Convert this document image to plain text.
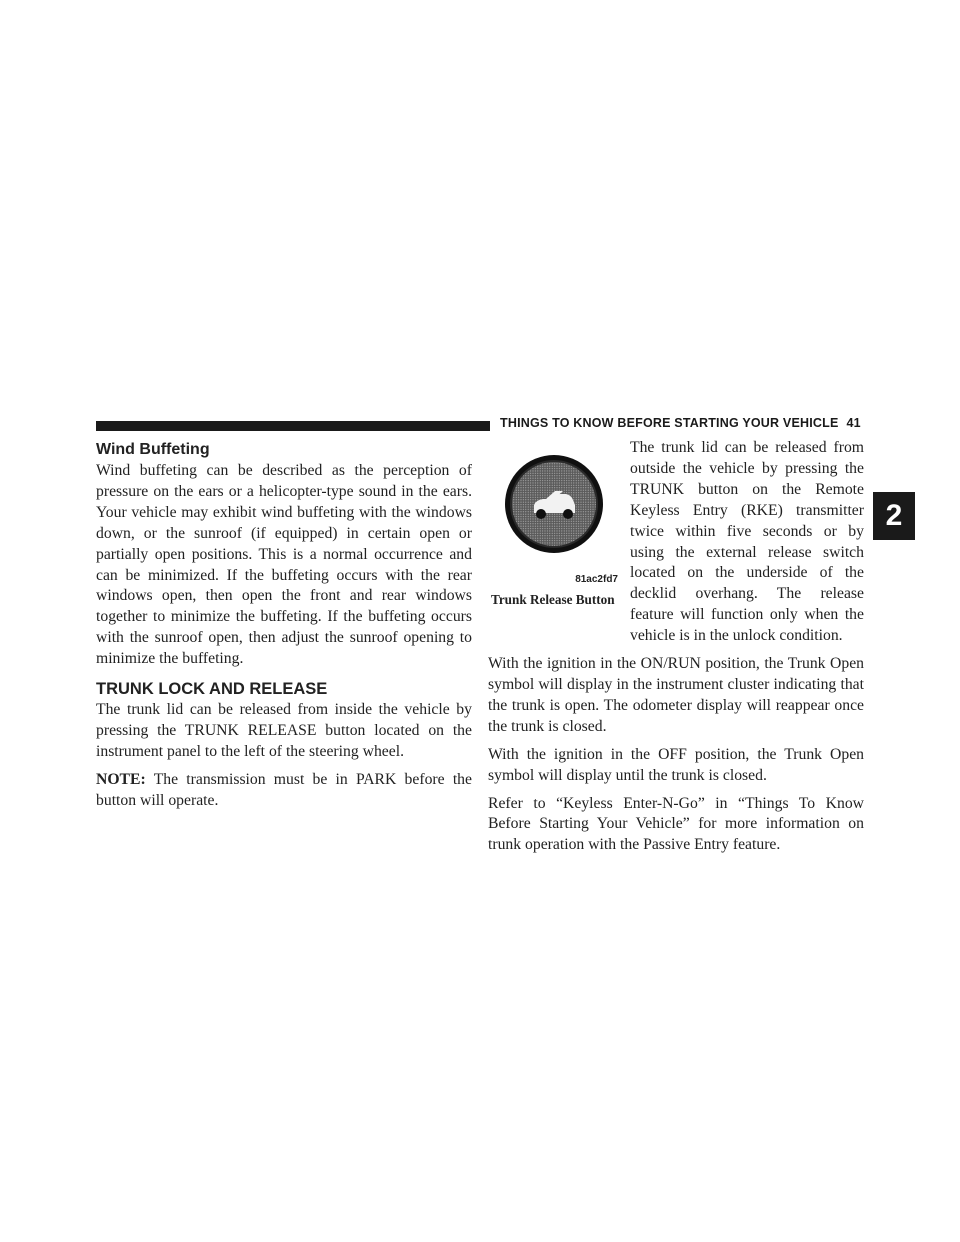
THINGS TO KNOW BEFORE STARTING YOUR VEHICLE 41
2
Wind Buffeting

Wind buffeting can be described as the perception of pressure on the ears or a helicopter-type sound in the ears. Your vehicle may exhibit wind buffeting with the windows down, or the sunroof (if equipped) in certain open or partially open positions. This is a normal occurrence and can be minimized. If the buffeting occurs with the rear windows open, then open the front and rear windows together to minimize the buffeting. If the buffeting occurs with the sunroof open, then adjust the sunroof opening to minimize the buffeting.

TRUNK LOCK AND RELEASE

The trunk lid can be released from inside the vehicle by pressing the TRUNK RELEASE button located on the instrument panel to the left of the steering wheel.

NOTE: The transmission must be in PARK before the button will operate.

81ac2fd7
Trunk Release Button

The trunk lid can be released from outside the vehicle by pressing the TRUNK button on the Remote Keyless Entry (RKE) transmitter twice within five seconds or by using the external release switch located on the underside of the decklid overhang. The release feature will function only when the vehicle is in the unlock condition.

With the ignition in the ON/RUN position, the Trunk Open symbol will display in the instrument cluster indicating that the trunk is open. The odometer display will reappear once the trunk is closed.

With the ignition in the OFF position, the Trunk Open symbol will display until the trunk is closed.

Refer to “Keyless Enter-N-Go” in “Things To Know Before Starting Your Vehicle” for more information on trunk operation with the Passive Entry feature.
